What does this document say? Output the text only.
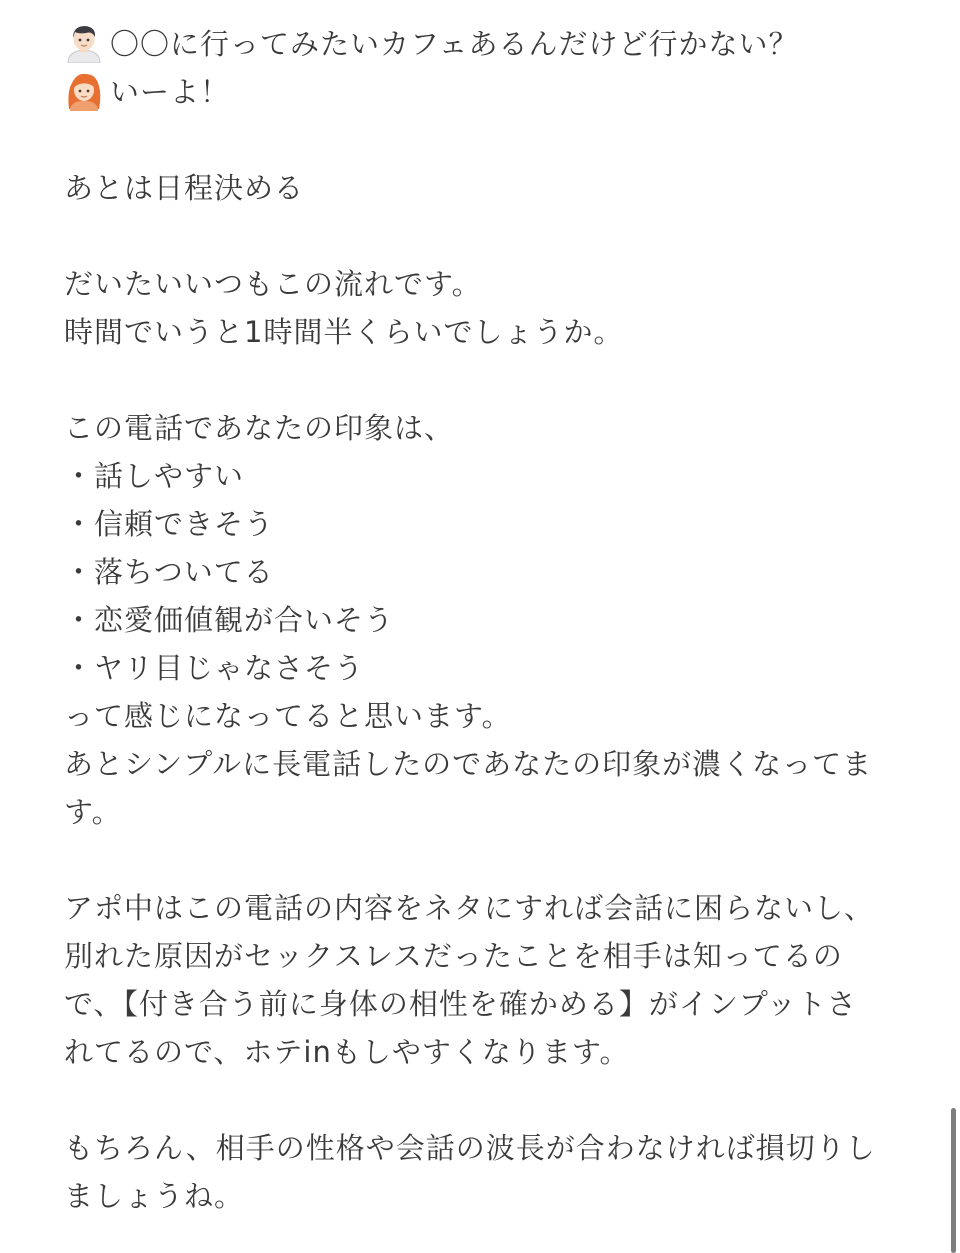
〇〇に行ってみたいカフェあるんだけど行かない？
いーよ！
あとは日程決める
だいたいいつもこの流れです。
時間でいうと1時間半くらいでしょうか。
この電話であなたの印象は、
・話しやすい
・信頼できそう
・落ちついてる
・恋愛価値観が合いそう
・ヤリ目じゃなさそう
って感じになってると思います。
あとシンプルに長電話したのであなたの印象が濃くなってま
す。
アポ中はこの電話の内容をネタにすれば会話に困らないし、
別れた原因がセックスレスだったことを相手は知ってるの
で、【付き合う前に身体の相性を確かめる】がインプットさ
れてるので、ホテinもしやすくなります。
もちろん、相手の性格や会話の波長が合わなければ損切りし
ましょうね。
